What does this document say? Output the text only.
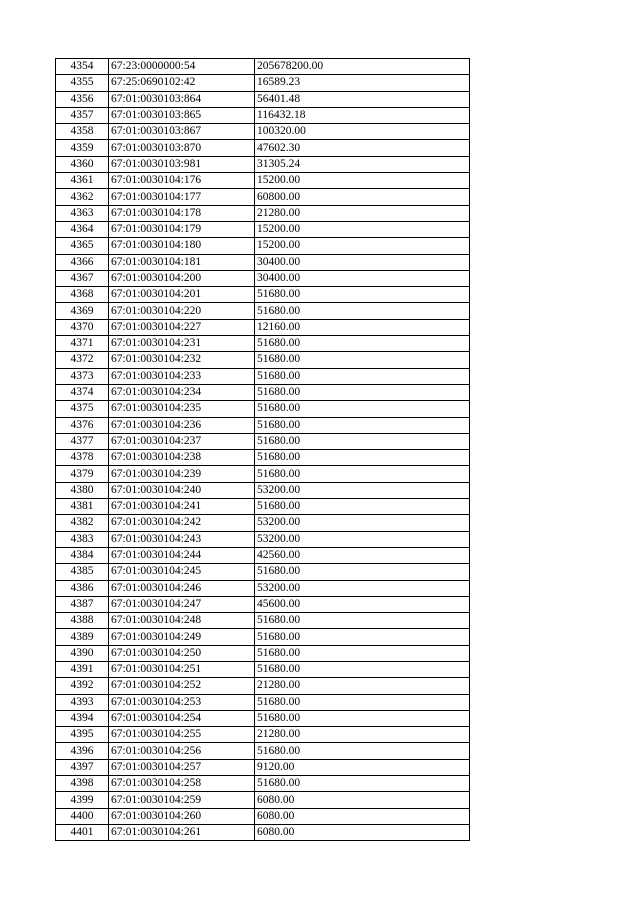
4354	67:23:0000000:54	205678200.00
4355	67:25:0690102:42	16589.23
4356	67:01:0030103:864	56401.48
4357	67:01:0030103:865	116432.18
4358	67:01:0030103:867	100320.00
4359	67:01:0030103:870	47602.30
4360	67:01:0030103:981	31305.24
4361	67:01:0030104:176	15200.00
4362	67:01:0030104:177	60800.00
4363	67:01:0030104:178	21280.00
4364	67:01:0030104:179	15200.00
4365	67:01:0030104:180	15200.00
4366	67:01:0030104:181	30400.00
4367	67:01:0030104:200	30400.00
4368	67:01:0030104:201	51680.00
4369	67:01:0030104:220	51680.00
4370	67:01:0030104:227	12160.00
4371	67:01:0030104:231	51680.00
4372	67:01:0030104:232	51680.00
4373	67:01:0030104:233	51680.00
4374	67:01:0030104:234	51680.00
4375	67:01:0030104:235	51680.00
4376	67:01:0030104:236	51680.00
4377	67:01:0030104:237	51680.00
4378	67:01:0030104:238	51680.00
4379	67:01:0030104:239	51680.00
4380	67:01:0030104:240	53200.00
4381	67:01:0030104:241	51680.00
4382	67:01:0030104:242	53200.00
4383	67:01:0030104:243	53200.00
4384	67:01:0030104:244	42560.00
4385	67:01:0030104:245	51680.00
4386	67:01:0030104:246	53200.00
4387	67:01:0030104:247	45600.00
4388	67:01:0030104:248	51680.00
4389	67:01:0030104:249	51680.00
4390	67:01:0030104:250	51680.00
4391	67:01:0030104:251	51680.00
4392	67:01:0030104:252	21280.00
4393	67:01:0030104:253	51680.00
4394	67:01:0030104:254	51680.00
4395	67:01:0030104:255	21280.00
4396	67:01:0030104:256	51680.00
4397	67:01:0030104:257	9120.00
4398	67:01:0030104:258	51680.00
4399	67:01:0030104:259	6080.00
4400	67:01:0030104:260	6080.00
4401	67:01:0030104:261	6080.00
